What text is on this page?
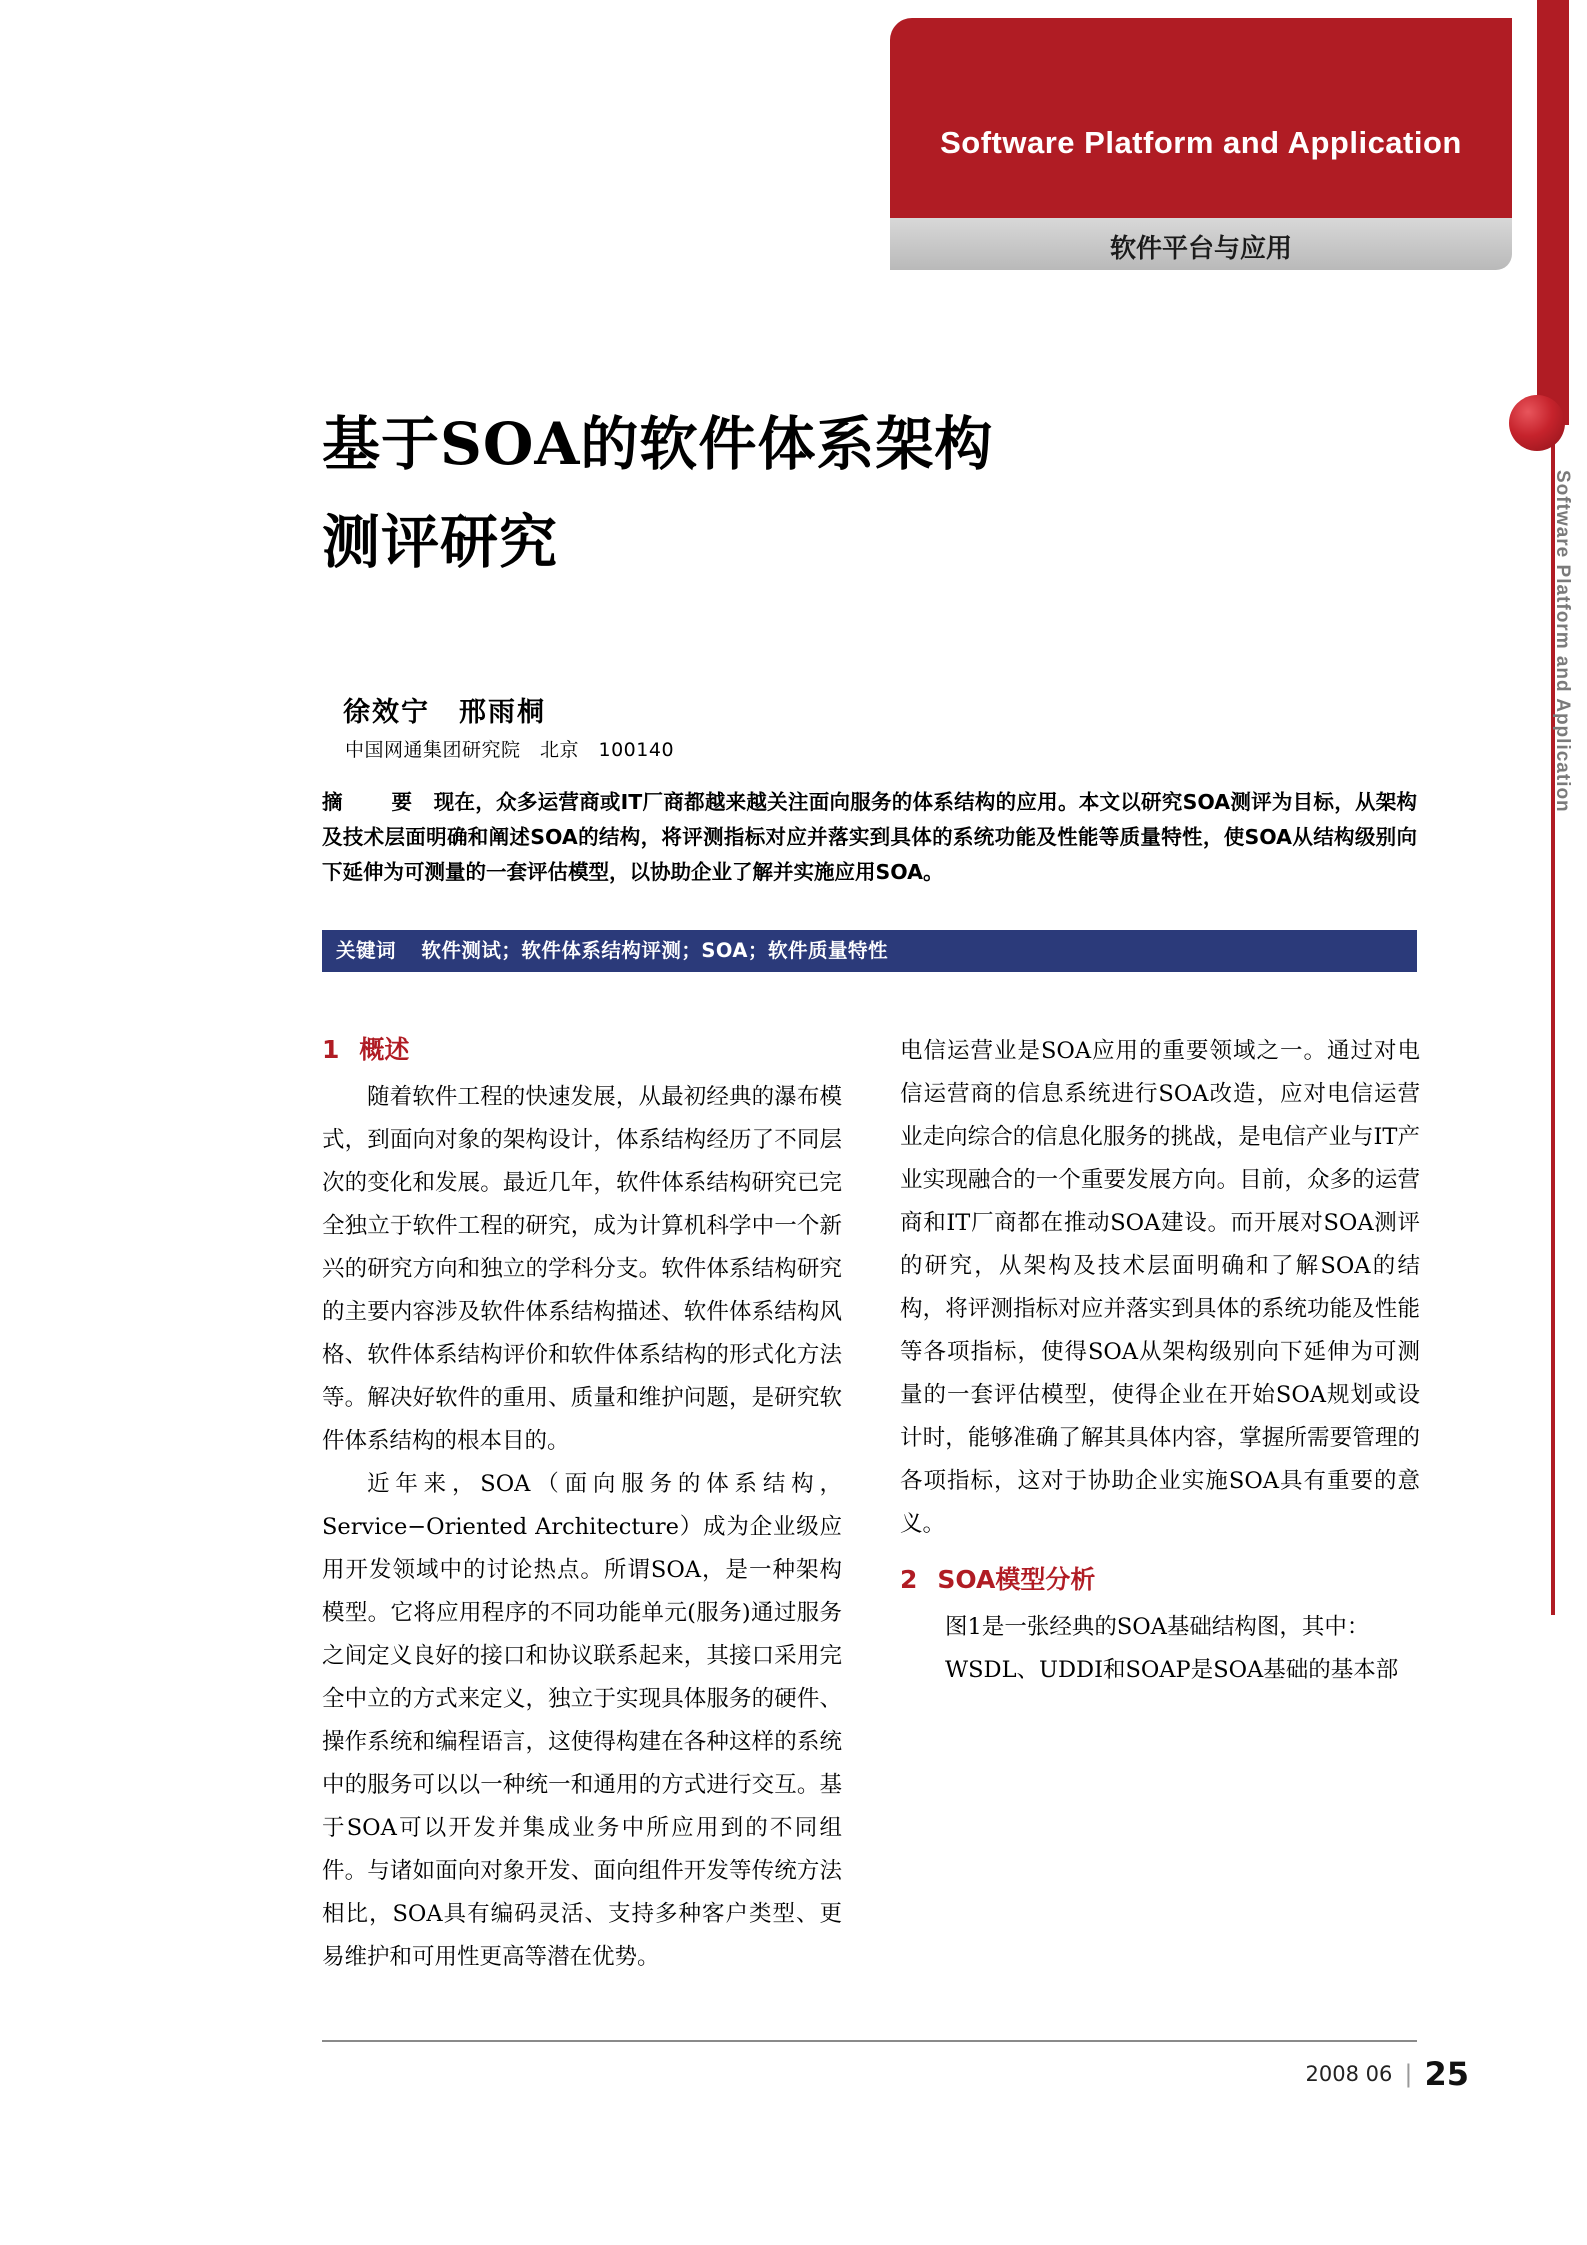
Software Platform and Application
软件平台与应用
Software Platform and Application
基于SOA的软件体系架构
测评研究
徐效宁　邢雨桐
中国网通集团研究院　北京　100140
摘　要 现在，众多运营商或IT厂商都越来越关注面向服务的体系结构的应用。本文以研究SOA测评为目标，从架构及技术层面明确和阐述SOA的结构，将评测指标对应并落实到具体的系统功能及性能等质量特性，使SOA从结构级别向下延伸为可测量的一套评估模型，以协助企业了解并实施应用SOA。
关键词 软件测试；软件体系结构评测；SOA；软件质量特性
1 概述

随着软件工程的快速发展，从最初经典的瀑布模式，到面向对象的架构设计，体系结构经历了不同层次的变化和发展。最近几年，软件体系结构研究已完全独立于软件工程的研究，成为计算机科学中一个新兴的研究方向和独立的学科分支。软件体系结构研究的主要内容涉及软件体系结构描述、软件体系结构风格、软件体系结构评价和软件体系结构的形式化方法等。解决好软件的重用、质量和维护问题，是研究软件体系结构的根本目的。

近年来，SOA（面向服务的体系结构，Service−Oriented Architecture）成为企业级应用开发领域中的讨论热点。所谓SOA，是一种架构模型。它将应用程序的不同功能单元(服务)通过服务之间定义良好的接口和协议联系起来，其接口采用完全中立的方式来定义，独立于实现具体服务的硬件、操作系统和编程语言，这使得构建在各种这样的系统中的服务可以以一种统一和通用的方式进行交互。基于SOA可以开发并集成业务中所应用到的不同组件。与诸如面向对象开发、面向组件开发等传统方法相比，SOA具有编码灵活、支持多种客户类型、更易维护和可用性更高等潜在优势。

电信运营业是SOA应用的重要领域之一。通过对电信运营商的信息系统进行SOA改造，应对电信运营业走向综合的信息化服务的挑战，是电信产业与IT产业实现融合的一个重要发展方向。目前，众多的运营商和IT厂商都在推动SOA建设。而开展对SOA测评的研究，从架构及技术层面明确和了解SOA的结构，将评测指标对应并落实到具体的系统功能及性能等各项指标，使得SOA从架构级别向下延伸为可测量的一套评估模型，使得企业在开始SOA规划或设计时，能够准确了解其具体内容，掌握所需要管理的各项指标，这对于协助企业实施SOA具有重要的意义。

2 SOA模型分析

图1是一张经典的SOA基础结构图，其中：

WSDL、UDDI和SOAP是SOA基础的基本部

2008 06 | 25
